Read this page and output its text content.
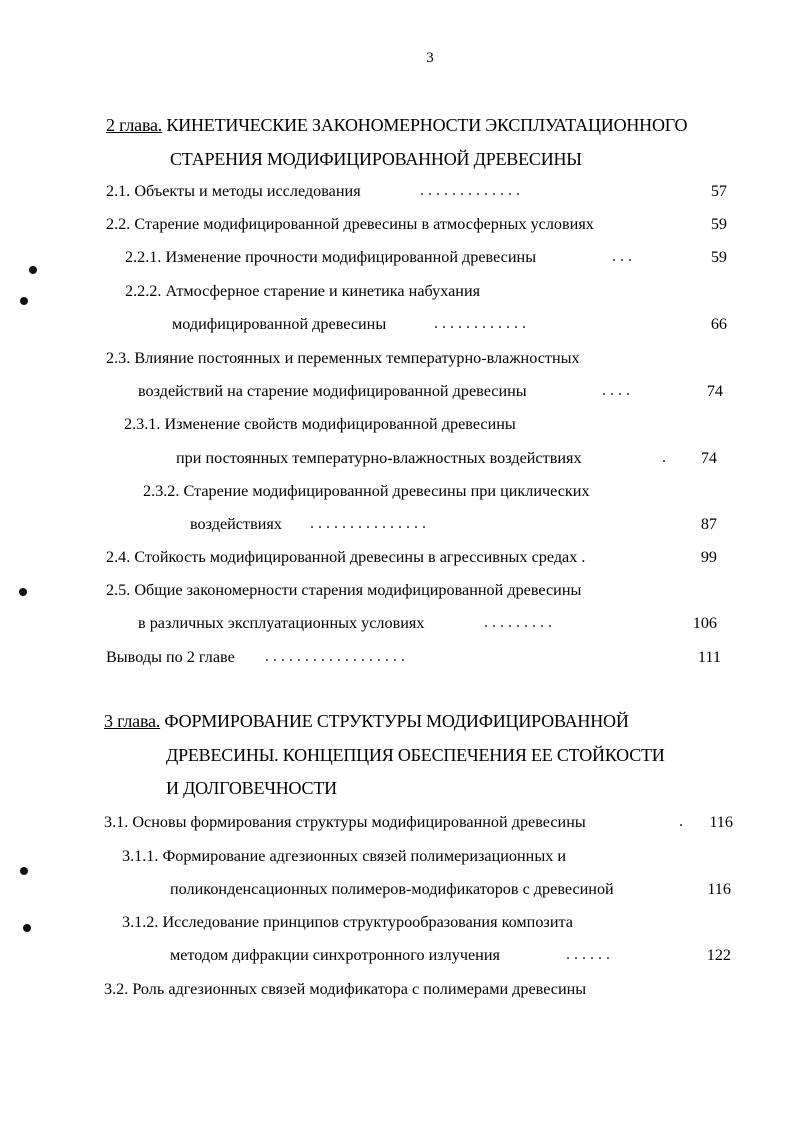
3
2 глава. КИНЕТИЧЕСКИЕ ЗАКОНОМЕРНОСТИ ЭКСПЛУАТАЦИОННОГО
СТАРЕНИЯ МОДИФИЦИРОВАННОЙ ДРЕВЕСИНЫ
2.1. Объекты и методы исследования	. . . . . . . . . . . . .	57
2.2. Старение модифицированной древесины в атмосферных условиях	59
2.2.1. Изменение прочности модифицированной древесины	. . .	59
2.2.2. Атмосферное старение и кинетика набухания
модифицированной древесины	. . . . . . . . . . . .	66
2.3. Влияние постоянных и переменных температурно-влажностных
воздействий на старение модифицированной древесины	. . . .	74
2.3.1. Изменение свойств модифицированной древесины
при постоянных температурно-влажностных воздействиях	. 74
2.3.2. Старение модифицированной древесины при циклических
воздействиях . . . . . . . . . . . . . . .	87
2.4. Стойкость модифицированной древесины в агрессивных средах .	99
2.5. Общие закономерности старения модифицированной древесины
в различных эксплуатационных условиях	. . . . . . . . .	106
Выводы по 2 главе . . . . . . . . . . . . . . . . . .	111
3 глава. ФОРМИРОВАНИЕ СТРУКТУРЫ МОДИФИЦИРОВАННОЙ
ДРЕВЕСИНЫ. КОНЦЕПЦИЯ ОБЕСПЕЧЕНИЯ ЕЕ СТОЙКОСТИ
И ДОЛГОВЕЧНОСТИ
3.1. Основы формирования структуры модифицированной древесины	. 116
3.1.1. Формирование адгезионных связей полимеризационных и
поликонденсационных полимеров-модификаторов с древесиной	116
3.1.2. Исследование принципов структурообразования композита
методом дифракции синхротронного излучения	. . . . . .	122
3.2. Роль адгезионных связей модификатора с полимерами древесины
